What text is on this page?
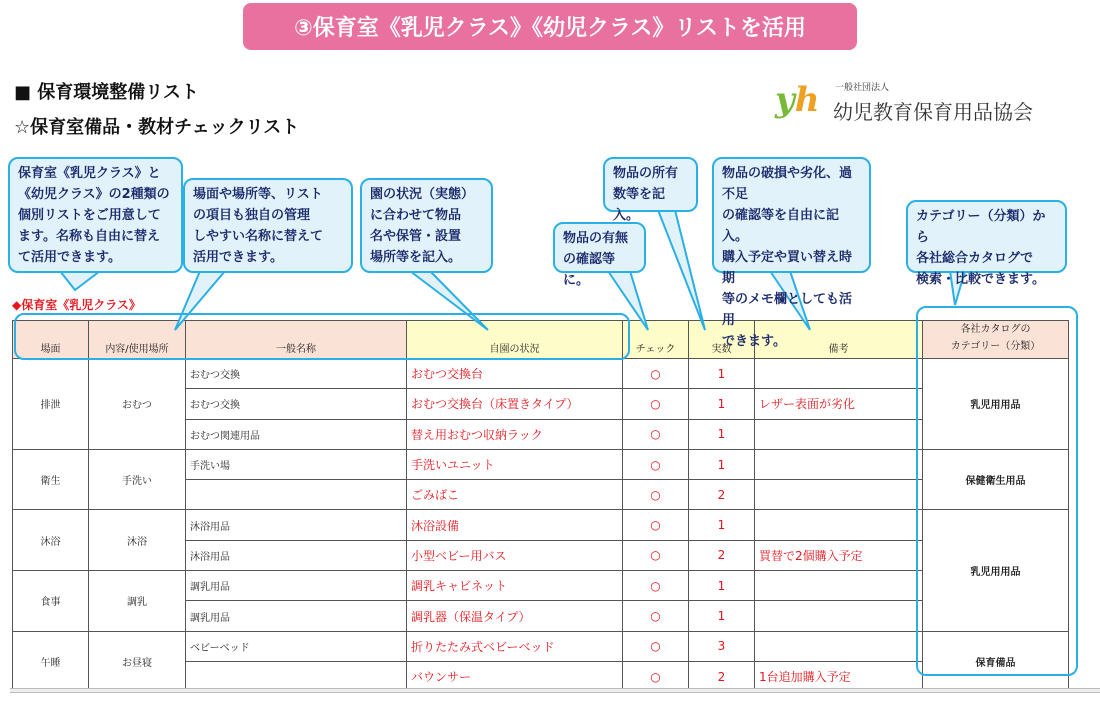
③保育室《乳児クラス》《幼児クラス》リストを活用
■ 保育環境整備リスト
☆保育室備品・教材チェックリスト
yh 一般社団法人
幼児教育保育用品協会
保育室《乳児クラス》と
《幼児クラス》の2種類の
個別リストをご用意して
ます。名称も自由に替え
て活用できます。
場面や場所等、リスト
の項目も独自の管理
しやすい名称に替えて
活用できます。
園の状況（実態）
に合わせて物品
名や保管・設置
場所等を記入。
物品の有無
の確認等に。
物品の所有
数等を記入。
物品の破損や劣化、過不足
の確認等を自由に記入。
購入予定や買い替え時期
等のメモ欄としても活用
できます。
カテゴリー（分類）から
各社総合カタログで
検索・比較できます。
◆保育室《乳児クラス》
場面	内容/使用場所	一般名称	自園の状況	チェック	実数	備考	各社カタログの
カテゴリー（分類）
排泄	おむつ	おむつ交換	おむつ交換台	○	1		乳児用用品
		おむつ交換	おむつ交換台（床置きタイプ）	○	1	レザー表面が劣化	
		おむつ関連用品	替え用おむつ収納ラック	○	1		
衛生	手洗い	手洗い場	手洗いユニット	○	1		保健衛生用品
			ごみばこ	○	2		
沐浴	沐浴	沐浴用品	沐浴設備	○	1		乳児用用品
		沐浴用品	小型ベビー用バス	○	2	買替で2個購入予定	
食事	調乳	調乳用品	調乳キャビネット	○	1		
		調乳用品	調乳器（保温タイプ）	○	1		
午睡	お昼寝	ベビーベッド	折りたたみ式ベビーベッド	○	3		保育備品
			バウンサー	○	2	1台追加購入予定	
